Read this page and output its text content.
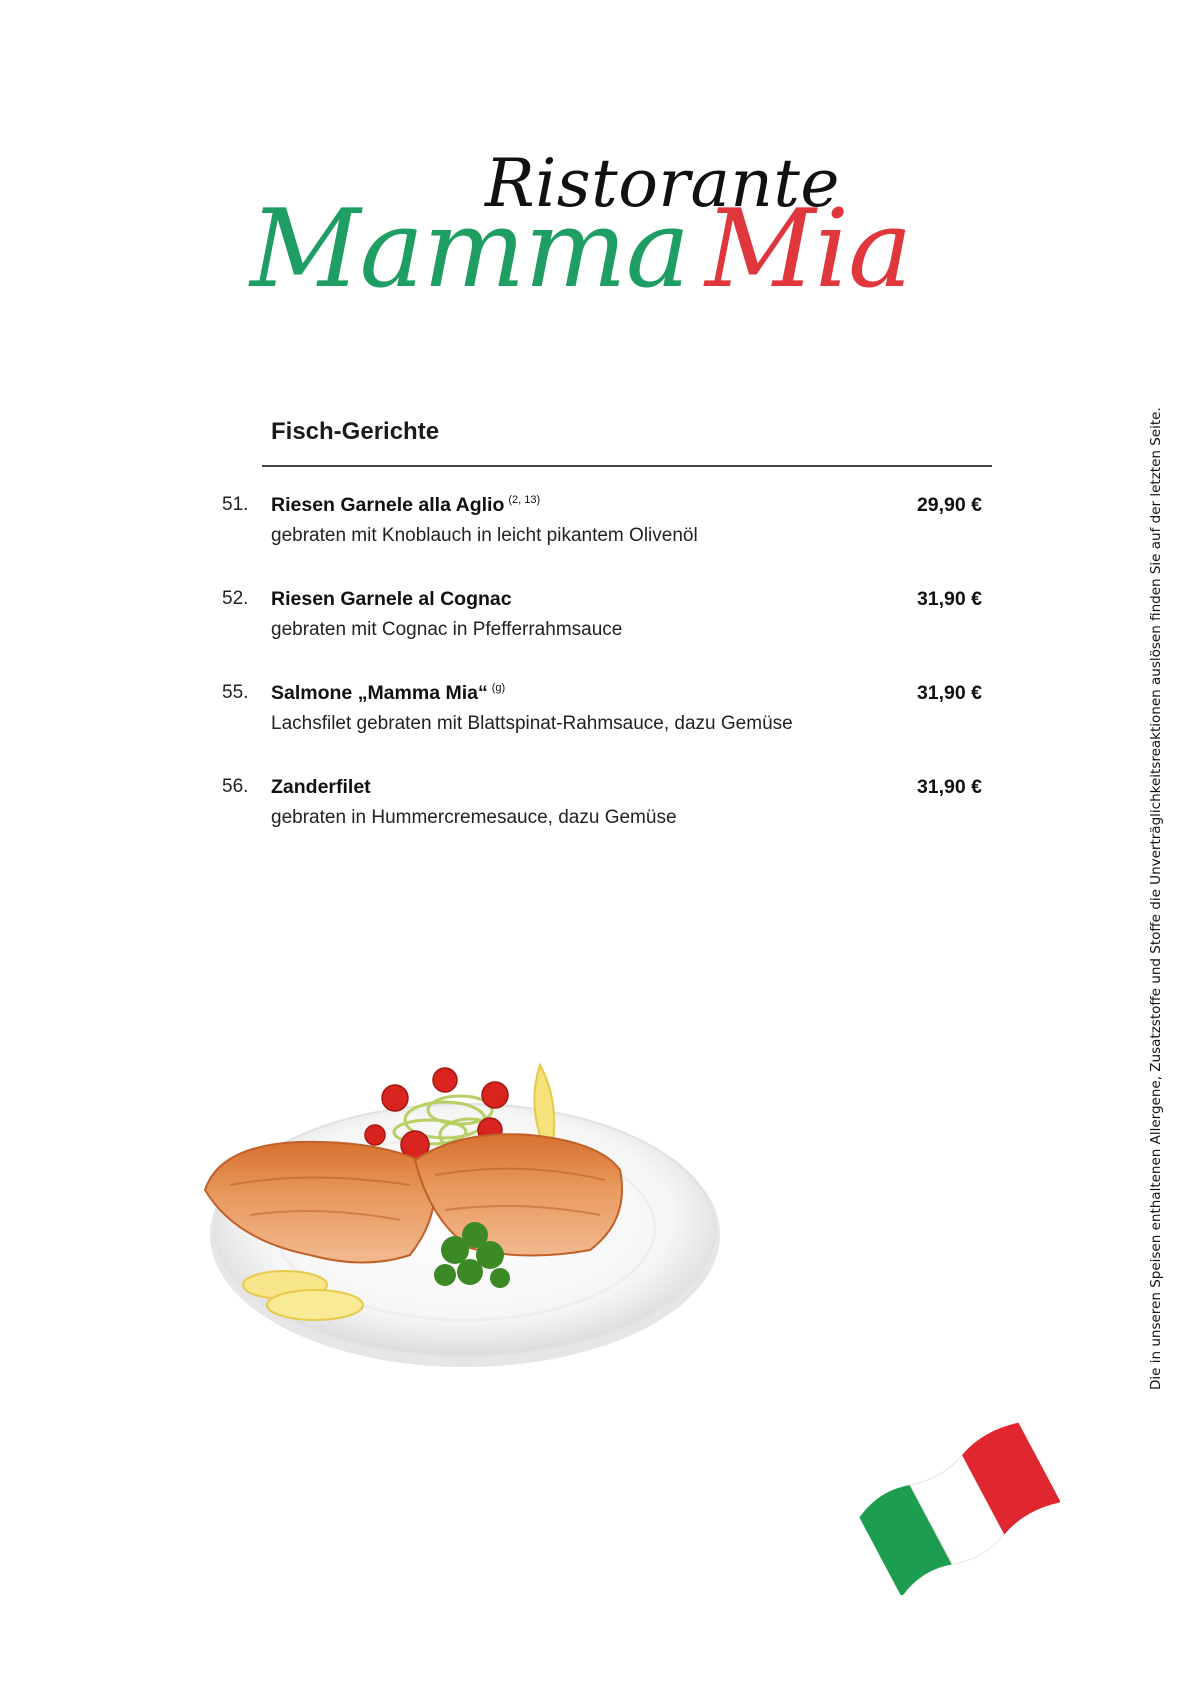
Ristorante
Mamma Mia
Fisch-Gerichte
51. Riesen Garnele alla Aglio $^{(2, 13)}$
gebraten mit Knoblauch in leicht pikantem Olivenöl
29,90 €
52. Riesen Garnele al Cognac
gebraten mit Cognac in Pfefferrahmsauce
31,90 €
55. Salmone „Mamma Mia“ $^{(g)}$
Lachsfilet gebraten mit Blattspinat-Rahmsauce, dazu Gemüse
31,90 €
56. Zanderfilet
gebraten in Hummercremesauce, dazu Gemüse
31,90 €	Die in unseren Speisen enthaltenen Allergene, Zusatzstoffe und Stoffe die Unverträglichkeitsreaktionen auslösen finden Sie auf der letzten Seite.
